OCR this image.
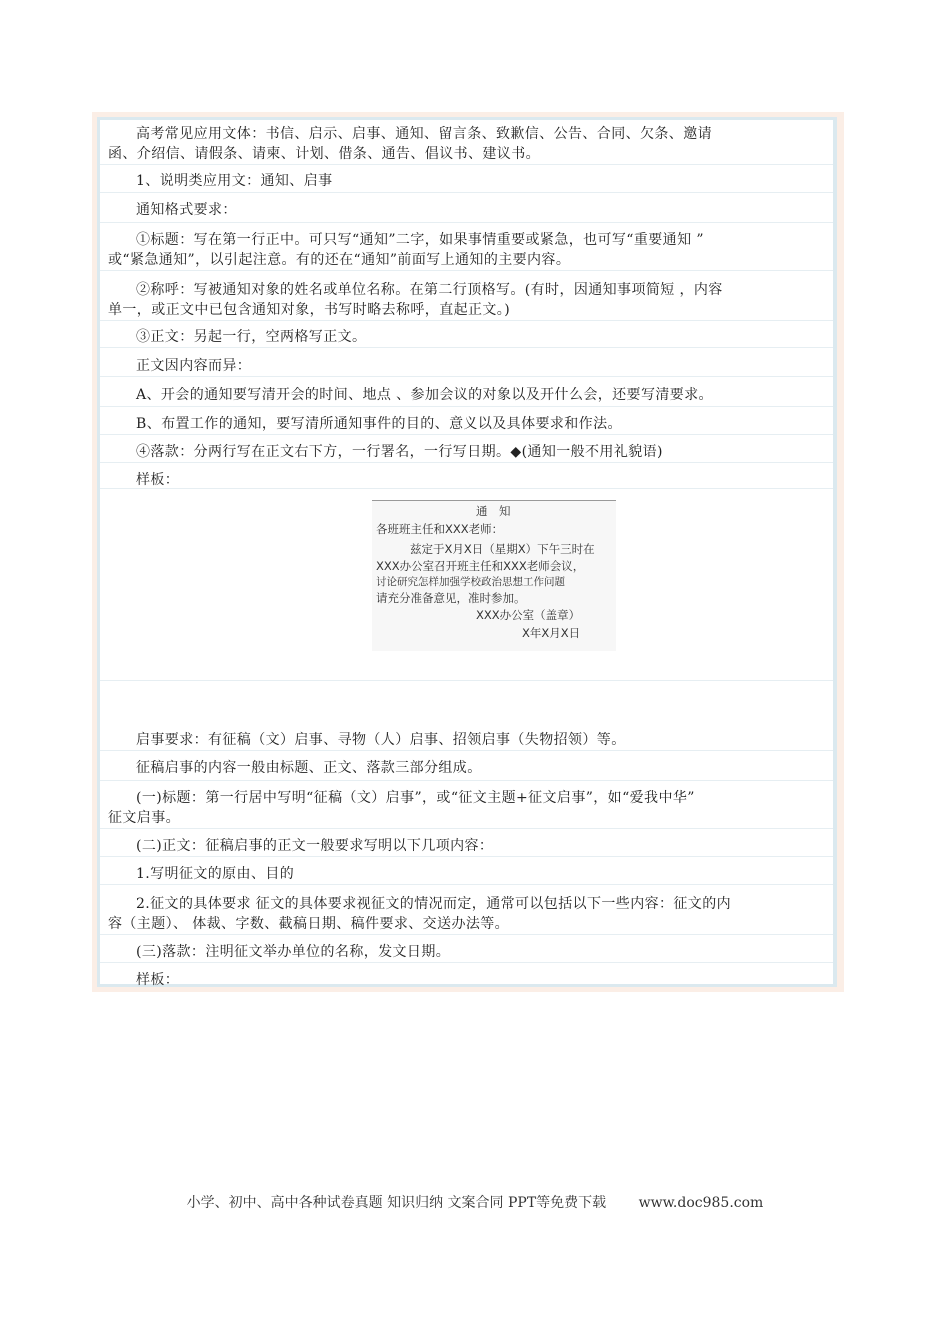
高考常见应用文体：书信、启示、启事、通知、留言条、致歉信、公告、合同、欠条、邀请
函、介绍信、请假条、请柬、计划、借条、通告、倡议书、建议书。
1、说明类应用文：通知、启事
通知格式要求：
①标题：写在第一行正中。可只写“通知”二字，如果事情重要或紧急，也可写“重要通知 ”
或“紧急通知”，以引起注意。有的还在“通知”前面写上通知的主要内容。
②称呼：写被通知对象的姓名或单位名称。在第二行顶格写。(有时，因通知事项简短 ，内容
单一，或正文中已包含通知对象，书写时略去称呼，直起正文。)
③正文：另起一行，空两格写正文。
正文因内容而异：
A、开会的通知要写清开会的时间、地点 、参加会议的对象以及开什么会，还要写清要求。
B、布置工作的通知，要写清所通知事件的目的、意义以及具体要求和作法。
④落款：分两行写在正文右下方，一行署名，一行写日期。◆(通知一般不用礼貌语)
样板：
通　知
各班班主任和XXX老师：
兹定于X月X日（星期X）下午三时在
XXX办公室召开班主任和XXX老师会议，
讨论研究怎样加强学校政治思想工作问题
请充分准备意见，准时参加。
XXX办公室（盖章）
X年X月X日
启事要求：有征稿（文）启事、寻物（人）启事、招领启事（失物招领）等。
征稿启事的内容一般由标题、正文、落款三部分组成。
(一)标题：第一行居中写明“征稿（文）启事”，或“征文主题+征文启事”，如“爱我中华”
征文启事。
(二)正文：征稿启事的正文一般要求写明以下几项内容：
1.写明征文的原由、目的
2.征文的具体要求 征文的具体要求视征文的情况而定，通常可以包括以下一些内容：征文的内
容（主题）、 体裁、字数、截稿日期、稿件要求、交送办法等。
(三)落款：注明征文举办单位的名称，发文日期。
样板：
小学、初中、高中各种试卷真题 知识归纳 文案合同 PPT等免费下载 www.doc985.com
